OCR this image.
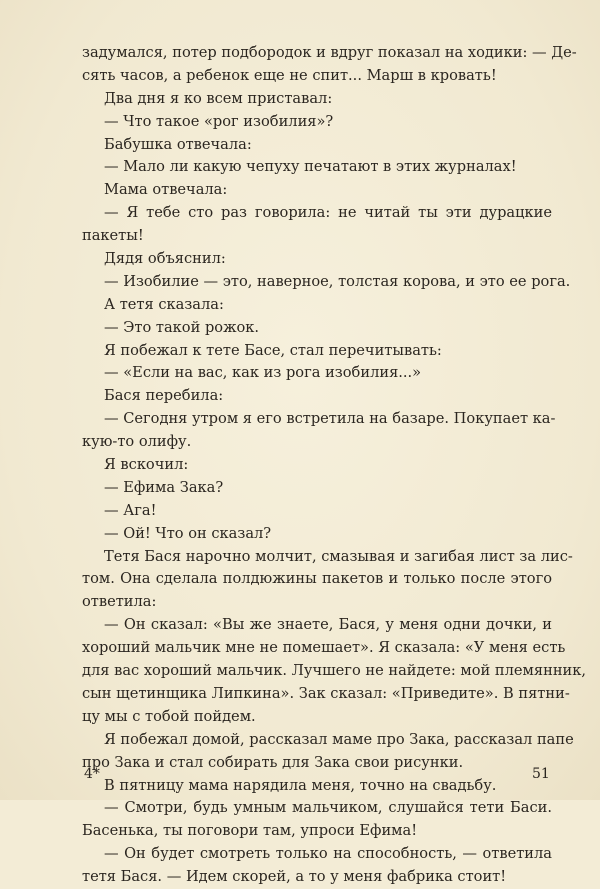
задумался, потер подбородок и вдруг показал на ходики: — Де-
сять часов, а ребенок еще не спит... Марш в кровать!
Два дня я ко всем приставал:
— Что такое «рог изобилия»?
Бабушка отвечала:
— Мало ли какую чепуху печатают в этих журналах!
Мама отвечала:
— Я тебе сто раз говорила: не читай ты эти дурацкие
пакеты!
Дядя объяснил:
— Изобилие — это, наверное, толстая корова, и это ее рога.
А тетя сказала:
— Это такой рожок.
Я побежал к тете Басе, стал перечитывать:
— «Если на вас, как из рога изобилия...»
Бася перебила:
— Сегодня утром я его встретила на базаре. Покупает ка-
кую-то олифу.
Я вскочил:
— Ефима Зака?
— Ага!
— Ой! Что он сказал?
Тетя Бася нарочно молчит, смазывая и загибая лист за лис-
том. Она сделала полдюжины пакетов и только после этого
ответила:
— Он сказал: «Вы же знаете, Бася, у меня одни дочки, и
хороший мальчик мне не помешает». Я сказала: «У меня есть
для вас хороший мальчик. Лучшего не найдете: мой племянник,
сын щетинщика Липкина». Зак сказал: «Приведите». В пятни-
цу мы с тобой пойдем.
Я побежал домой, рассказал маме про Зака, рассказал папе
про Зака и стал собирать для Зака свои рисунки.
В пятницу мама нарядила меня, точно на свадьбу.
— Смотри, будь умным мальчиком, слушайся тети Баси.
Басенька, ты поговори там, упроси Ефима!
— Он будет смотреть только на способность, — ответила
тетя Бася. — Идем скорей, а то у меня фабрика стоит!
4*	51
